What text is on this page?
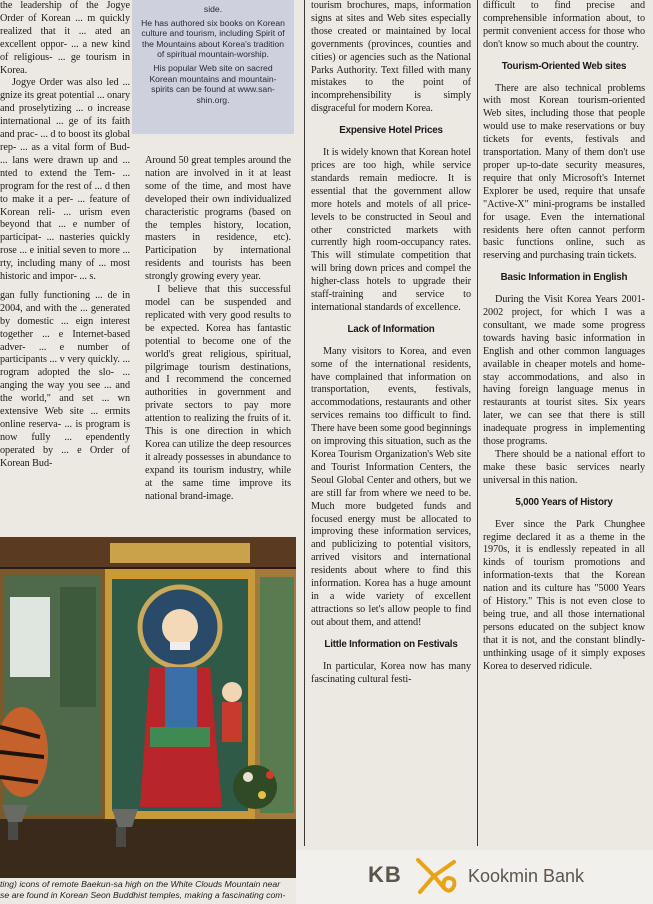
the leadership of the Jogye Order of Korean ... m quickly realized that it ... ated an excellent oppor- ... a new kind of religious- ... ge tourism in Korea.

Jogye Order was also led ... gnize its great potential ... onary and proselytizing ... o increase international ... ge of its faith and prac- ... d to boost its global rep- ... as a vital form of Bud- ... lans were drawn up and ... nted to extend the Tem- ... program for the rest of ... d then to make it a per- ... feature of Korean reli- ... urism even beyond that ... e number of participat- ... nasteries quickly rose ... e initial seven to more ... rty, including many of ... most historic and impor- ... s.

gan fully functioning ... de in 2004, and with the ... generated by domestic ... eign interest together ... e Internet-based adver- ... e number of participants ... v very quickly. ... rogram adopted the slo- ... anging the way you see ... and the world," and set ... wn extensive Web site ... ermits online reserva- ... is program is now fully ... ependently operated by ... e Order of Korean Bud-

side.

He has authored six books on Korean culture and tourism, including Spirit of the Mountains about Korea's tradition of spiritual mountain-worship.

His popular Web site on sacred Korean mountains and mountain-spirits can be found at www.san-shin.org.

Around 50 great temples around the nation are involved in it at least some of the time, and most have developed their own individualized characteristic programs (based on the temples history, location, masters in residence, etc). Participation by international residents and tourists has been strongly growing every year.

I believe that this successful model can be suspended and replicated with very good results to be expected. Korea has fantastic potential to become one of the world's great religious, spiritual, pilgrimage tourism destinations, and I recommend the concerned authorities in government and private sectors to pay more attention to realizing the fruits of it. This is one direction in which Korea can utilize the deep resources it already possesses in abundance to expand its tourism industry, while at the same time improve its national brand-image.

tourism brochures, maps, information signs at sites and Web sites especially those created or maintained by local governments (provinces, counties and cities) or agencies such as the National Parks Authority. Text filled with many mistakes to the point of incomprehensibility is simply disgraceful for modern Korea.

Expensive Hotel Prices

It is widely known that Korean hotel prices are too high, while service standards remain mediocre. It is essential that the government allow more hotels and motels of all price-levels to be constructed in Seoul and other constricted markets with currently high room-occupancy rates. This will stimulate competition that will bring down prices and compel the higher-class hotels to upgrade their staff-training and service to international standards of excellence.

Lack of Information

Many visitors to Korea, and even some of the international residents, have complained that information on transportation, events, festivals, accommodations, restaurants and other services remains too difficult to find. There have been some good beginnings on improving this situation, such as the Korea Tourism Organization's Web site and Tourist Information Centers, the Seoul Global Center and others, but we are still far from where we need to be. Much more budgeted funds and focused energy must be allocated to improving these information services, and publicizing to potential visitors, arrived visitors and international residents about where to find this information. Korea has a huge amount in a wide variety of excellent attractions so let's allow people to find out about them, and attend!

Little Information on Festivals

In particular, Korea now has many fascinating cultural festi-

difficult to find precise and comprehensible information about, to permit convenient access for those who don't know so much about the country.

Tourism-Oriented Web sites

There are also technical problems with most Korean tourism-oriented Web sites, including those that people would use to make reservations or buy tickets for events, festivals and transportation. Many of them don't use proper up-to-date security measures, require that only Microsoft's Internet Explorer be used, require that unsafe "Active-X" mini-programs be installed for usage. Even the international residents here often cannot perform basic functions online, such as reserving and purchasing train tickets.

Basic Information in English

During the Visit Korea Years 2001-2002 project, for which I was a consultant, we made some progress towards having basic information in English and other common languages available in cheaper motels and home-stay accommodations, and also in having foreign language menus in restaurants at tourist sites. Six years later, we can see that there is still inadequate progress in implementing those programs.

There should be a national effort to make these basic services nearly universal in this nation.

5,000 Years of History

Ever since the Park Chunghee regime declared it as a theme in the 1970s, it is endlessly repeated in all kinds of tourism promotions and information-texts that the Korean nation and its culture has "5000 Years of History." This is not even close to being true, and all those international persons educated on the subject know that it is not, and the constant blindly-unthinking usage of it simply exposes Korea to deserved ridicule.

ting) icons of remote Baekun-sa high on the White Clouds Mountain near
se are found in Korean Seon Buddhist temples, making a fascinating com-
KB	Kookmin Bank
